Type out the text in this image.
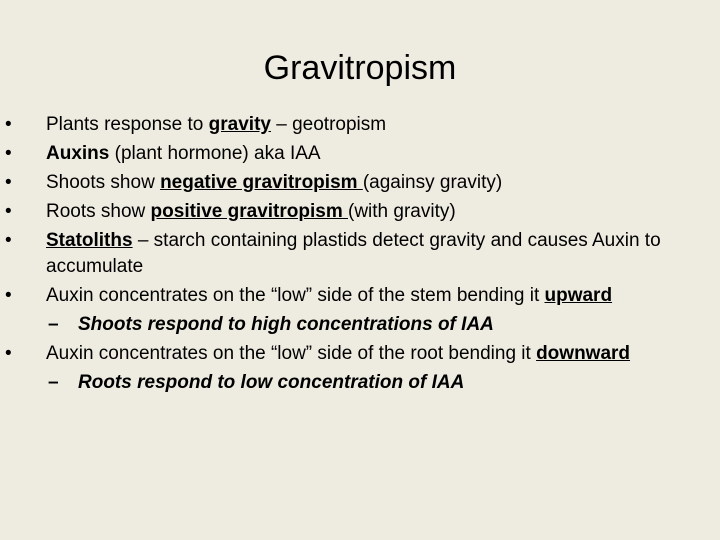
Gravitropism
• Plants response to gravity – geotropism
• Auxins (plant hormone) aka IAA
• Shoots show negative gravitropism (againsy gravity)
• Roots show positive gravitropism (with gravity)
• Statoliths – starch containing plastids detect gravity and causes Auxin to accumulate
• Auxin concentrates on the “low” side of the stem bending it upward
– Shoots respond to high concentrations of IAA
• Auxin concentrates on the “low” side of the root bending it downward
– Roots respond to low concentration of IAA
